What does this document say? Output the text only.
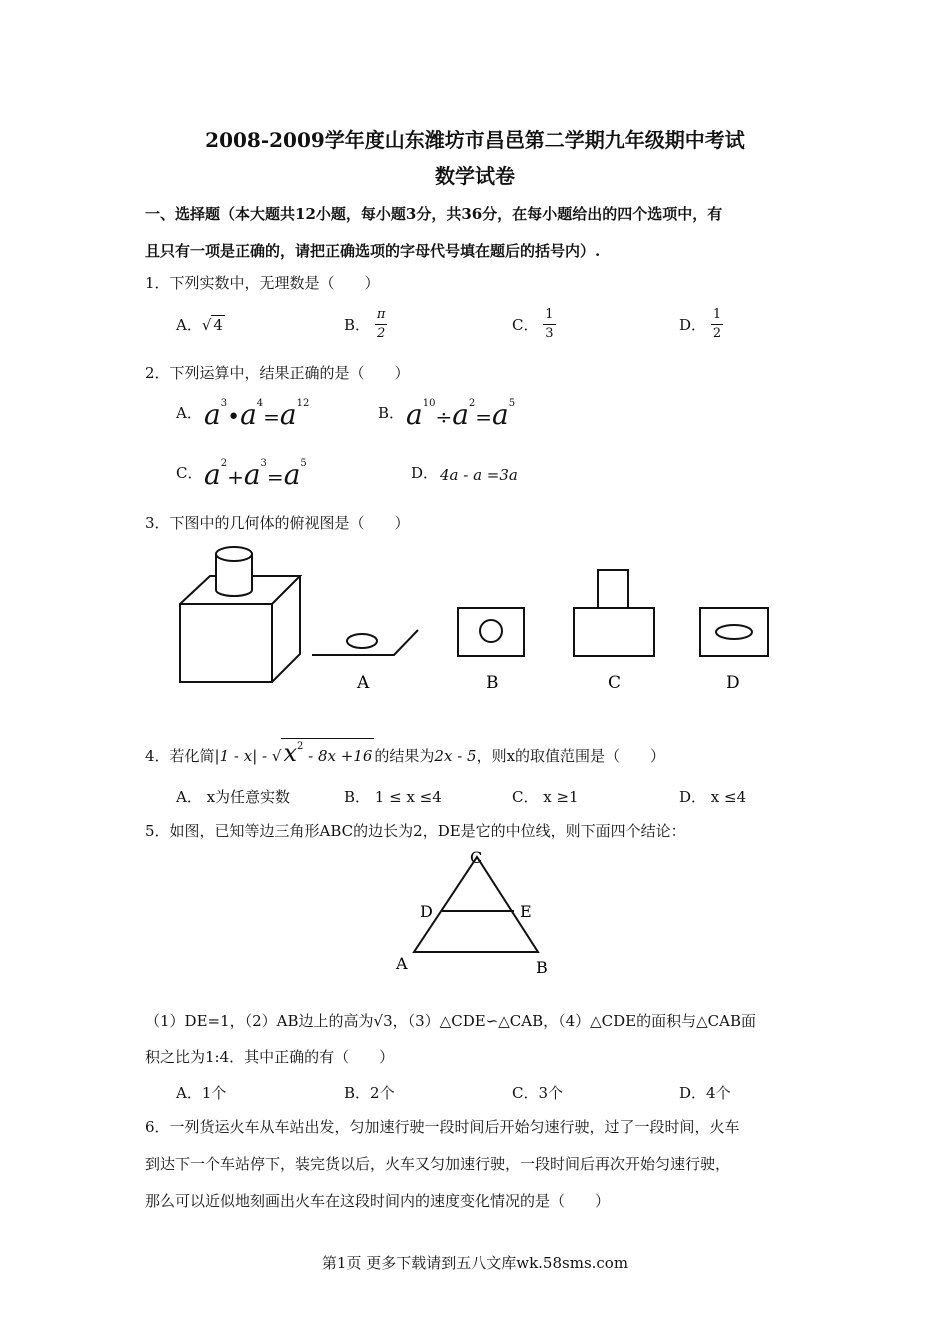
2008-2009学年度山东潍坊市昌邑第二学期九年级期中考试
数学试卷
一、选择题（本大题共12小题，每小题3分，共36分，在每小题给出的四个选项中，有
且只有一项是正确的，请把正确选项的字母代号填在题后的括号内）.
1．下列实数中，无理数是（　　）
A．√ 4	B． $\frac{\pi}{2}$	C． $\frac{1}{3}$	D． $\frac{1}{2}$
2．下列运算中，结果正确的是（　　）
A． $a^3•a^4=a^{12}$
B． $a^{10}\div a^2=a^5$
C． $a^2+a^3=a^5$
D． 4a - a =3a
3．下图中的几何体的俯视图是（　　）
A	B	C	D
4．若化简$|1 - x| - √x^2 - 8x +16$ 的结果为2x - 5，则x的取值范围是（　　）
A． x为任意实数	B． 1 ≤ x ≤4	C． x ≥1	D． x ≤4
5．如图，已知等边三角形ABC的边长为2，DE是它的中位线，则下面四个结论：
C
D	E
A	B
（1）DE=1，（2）AB边上的高为√3，（3）△CDE∽△CAB，（4）△CDE的面积与△CAB面
积之比为1:4．其中正确的有（　　）
A．1个	B．2个	C．3个	D．4个
6．一列货运火车从车站出发，匀加速行驶一段时间后开始匀速行驶，过了一段时间，火车
到达下一个车站停下，装完货以后，火车又匀加速行驶，一段时间后再次开始匀速行驶，
那么可以近似地刻画出火车在这段时间内的速度变化情况的是（　　）
第1页 更多下载请到五八文库wk.58sms.com
